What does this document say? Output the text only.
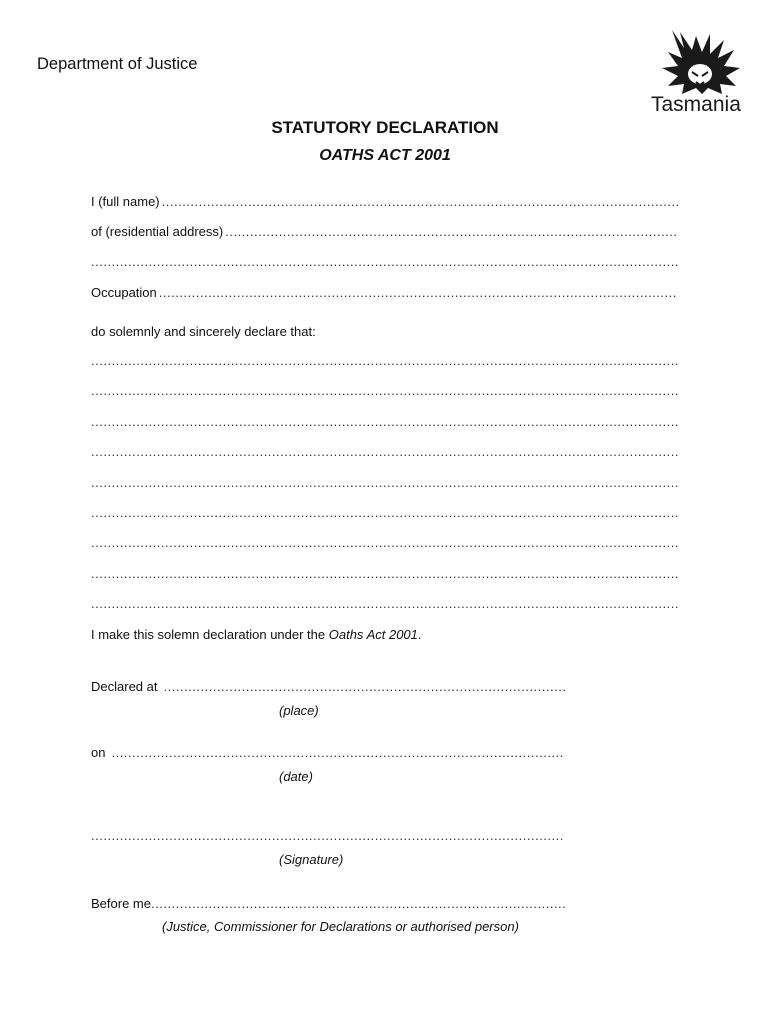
Department of Justice
Tasmania
STATUTORY DECLARATION
OATHS ACT 2001
I (full name)
.....
of (residential address)
.....
.....
Occupation
.....
do solemnly and sincerely declare that:
.....
.....
.....
.....
.....
.....
.....
.....
.....
I make this solemn declaration under the Oaths Act 2001.
Declared at
.....
(place)
on
.....
(date)
.....
(Signature)
Before me
.....
(Justice, Commissioner for Declarations or authorised person)
